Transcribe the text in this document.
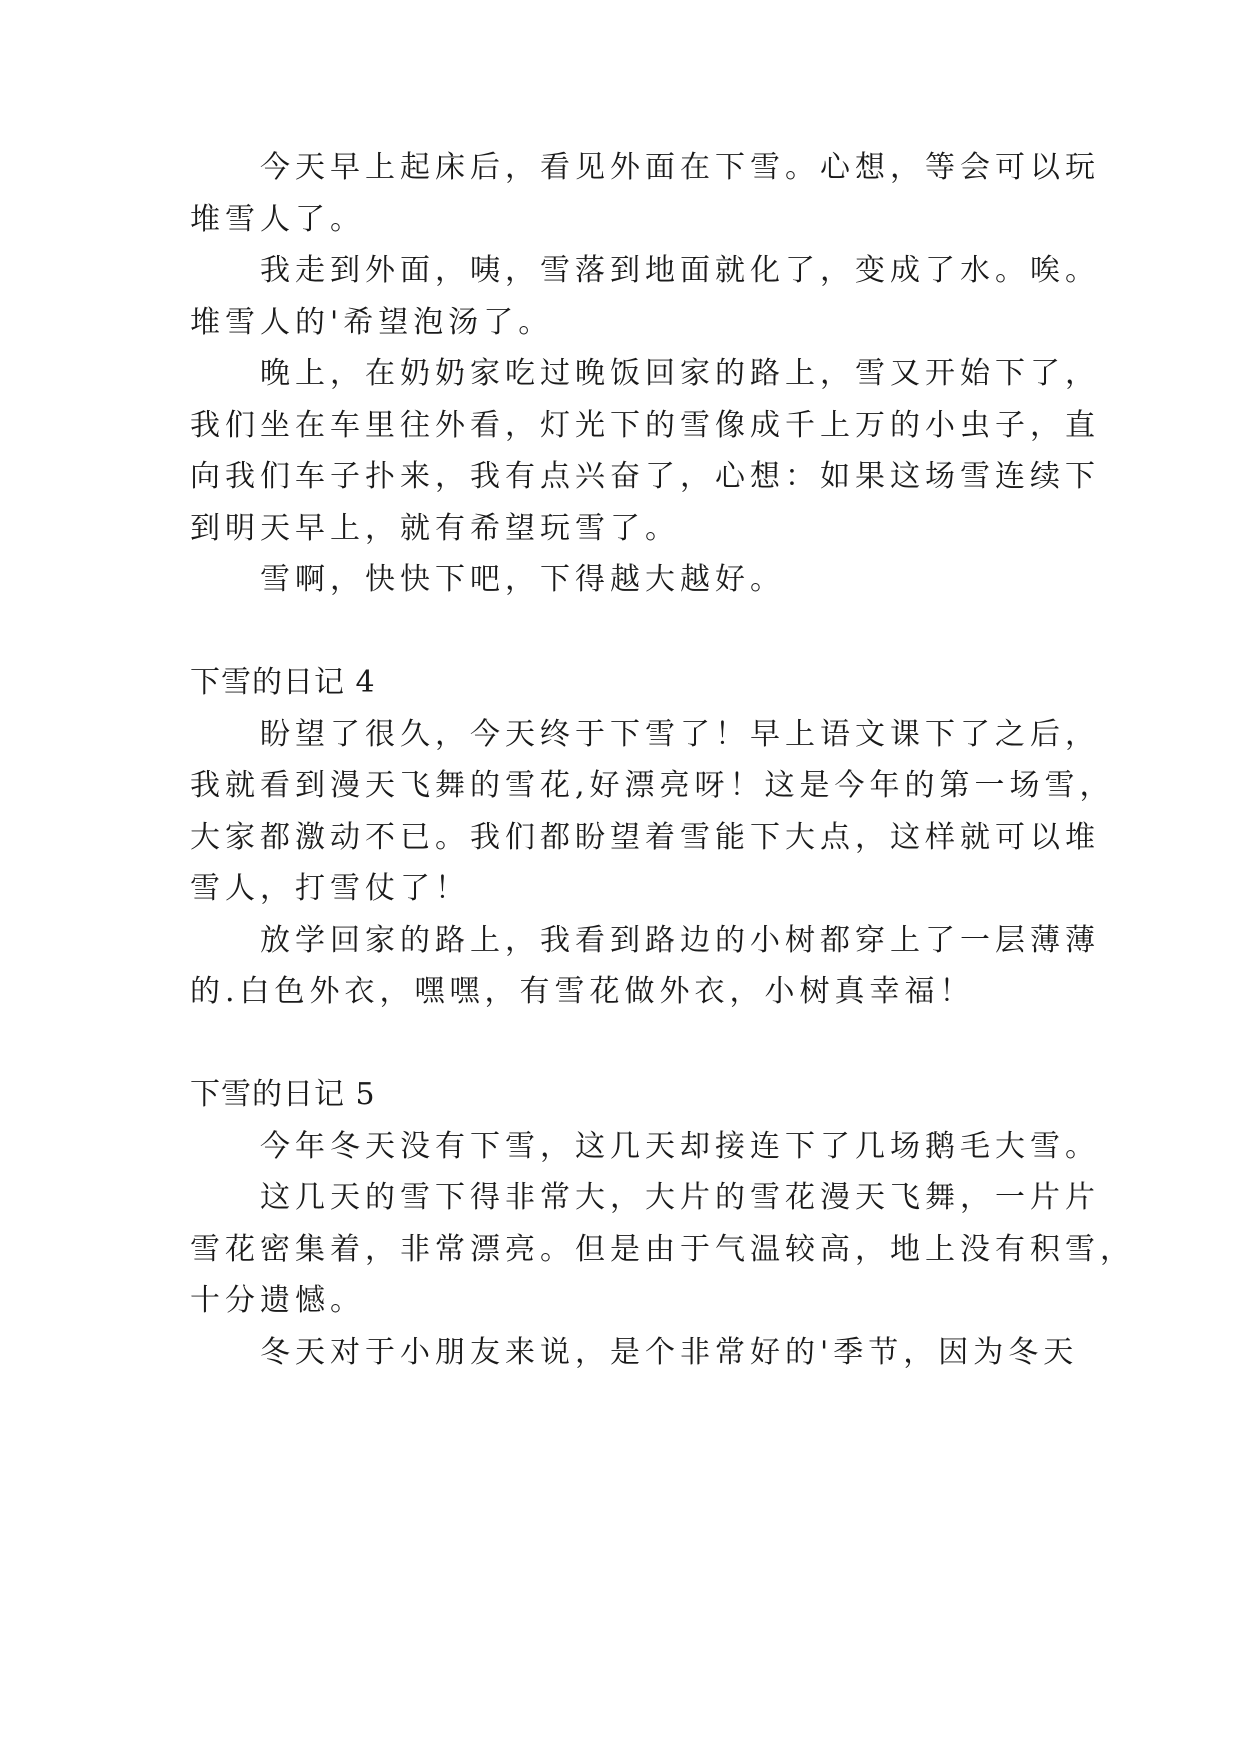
　　今天早上起床后，看见外面在下雪。心想，等会可以玩
堆雪人了。
　　我走到外面，咦，雪落到地面就化了，变成了水。唉。
堆雪人的'希望泡汤了。
　　晚上，在奶奶家吃过晚饭回家的路上，雪又开始下了，
我们坐在车里往外看，灯光下的雪像成千上万的小虫子，直
向我们车子扑来，我有点兴奋了，心想：如果这场雪连续下
到明天早上，就有希望玩雪了。
　　雪啊，快快下吧，下得越大越好。
下雪的日记 4
　　盼望了很久，今天终于下雪了！早上语文课下了之后，
我就看到漫天飞舞的雪花,好漂亮呀！这是今年的第一场雪，
大家都激动不已。我们都盼望着雪能下大点，这样就可以堆
雪人，打雪仗了！
　　放学回家的路上，我看到路边的小树都穿上了一层薄薄
的.白色外衣，嘿嘿，有雪花做外衣，小树真幸福！
下雪的日记 5
　　今年冬天没有下雪，这几天却接连下了几场鹅毛大雪。
　　这几天的雪下得非常大，大片的雪花漫天飞舞，一片片
雪花密集着，非常漂亮。但是由于气温较高，地上没有积雪，
十分遗憾。
　　冬天对于小朋友来说，是个非常好的'季节，因为冬天
